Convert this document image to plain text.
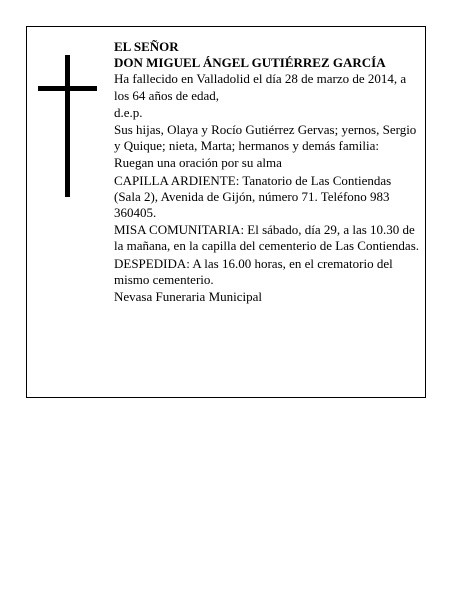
EL SEÑOR
DON MIGUEL ÁNGEL GUTIÉRREZ GARCÍA
Ha fallecido en Valladolid el día 28 de marzo de 2014, a los 64 años de edad,
d.e.p.
Sus hijas, Olaya y Rocío Gutiérrez Gervas; yernos, Sergio y Quique; nieta, Marta; hermanos y demás familia:
Ruegan una oración por su alma
CAPILLA ARDIENTE: Tanatorio de Las Contiendas (Sala 2), Avenida de Gijón, número 71. Teléfono 983 360405.
MISA COMUNITARIA: El sábado, día 29, a las 10.30 de la mañana, en la capilla del cementerio de Las Contiendas.
DESPEDIDA: A las 16.00 horas, en el crematorio del mismo cementerio.
Nevasa Funeraria Municipal
